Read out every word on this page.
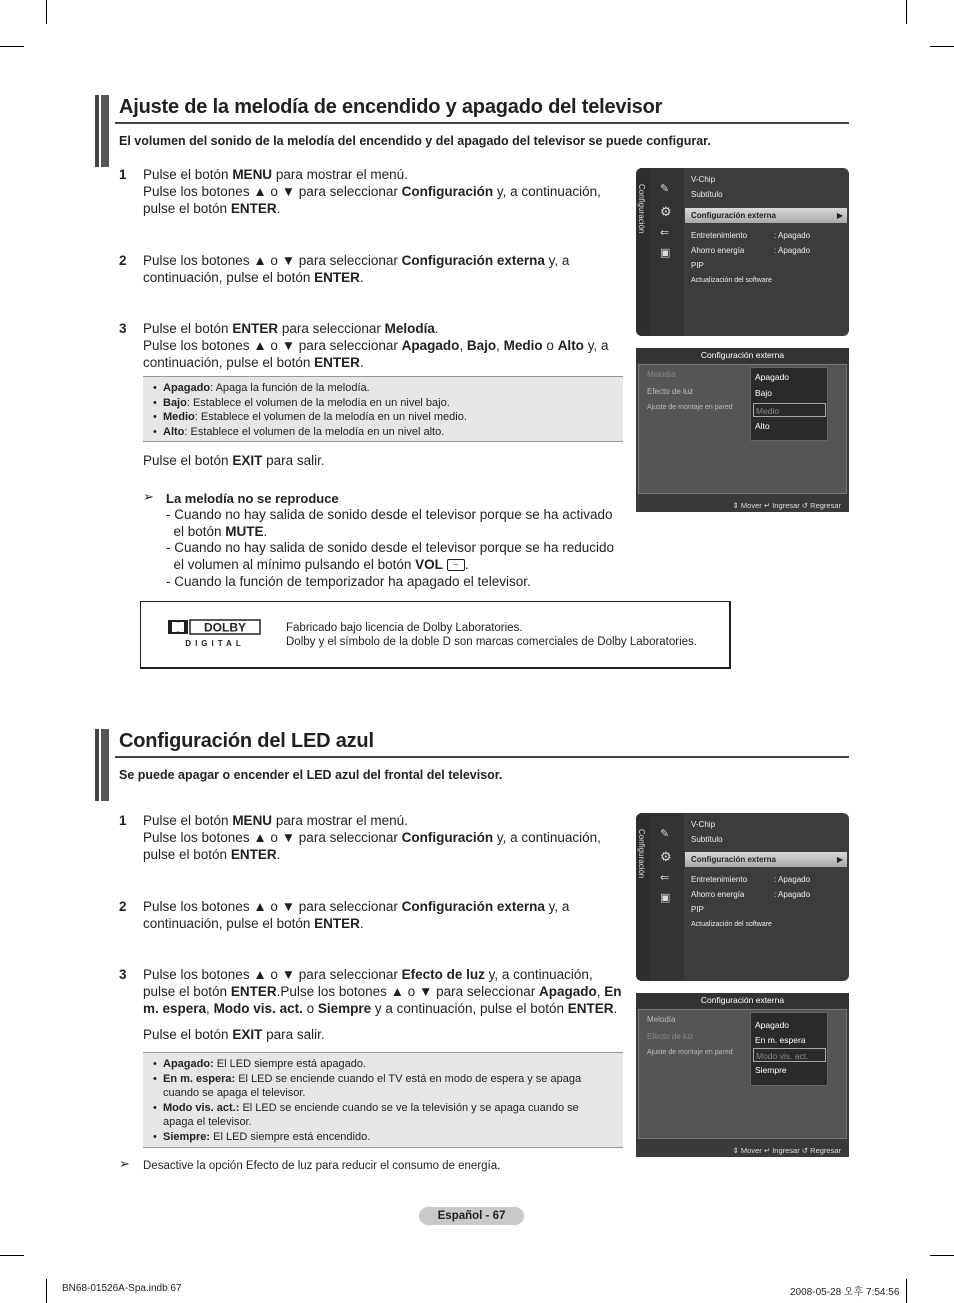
Ajuste de la melodía de encendido y apagado del televisor
El volumen del sonido de la melodía del encendido y del apagado del televisor se puede configurar.
1 Pulse el botón MENU para mostrar el menú.
Pulse los botones ▲ o ▼ para seleccionar Configuración y, a continuación,
pulse el botón ENTER.
2 Pulse los botones ▲ o ▼ para seleccionar Configuración externa y, a
continuación, pulse el botón ENTER.
3 Pulse el botón ENTER para seleccionar Melodía.
Pulse los botones ▲ o ▼ para seleccionar Apagado, Bajo, Medio o Alto y, a
continuación, pulse el botón ENTER.
• Apagado: Apaga la función de la melodía.
• Bajo: Establece el volumen de la melodía en un nivel bajo.
• Medio: Establece el volumen de la melodía en un nivel medio.
• Alto: Establece el volumen de la melodía en un nivel alto.
Pulse el botón EXIT para salir.
➢ La melodía no se reproduce
- Cuando no hay salida de sonido desde el televisor porque se ha activado
el botón MUTE.
- Cuando no hay salida de sonido desde el televisor porque se ha reducido
el volumen al mínimo pulsando el botón VOL − .
- Cuando la función de temporizador ha apagado el televisor.
Configuración ✎
⚙
⇐
▣
V-Chip
Subtítulo
Configuración externa	▶
Entretenimiento	: Apagado
Ahorro energía	: Apagado
PIP
Actualización del software
Configuración externa
Melodía
Efecto de luz
Ajuste de montaje en pared
Apagado
Bajo
Medio
Alto
⇕ Mover ↵ Ingresar ↺ Regresar
DOLBY
DIGITAL
Fabricado bajo licencia de Dolby Laboratories.
Dolby y el símbolo de la doble D son marcas comerciales de Dolby Laboratories.
Configuración del LED azul
Se puede apagar o encender el LED azul del frontal del televisor.
1 Pulse el botón MENU para mostrar el menú.
Pulse los botones ▲ o ▼ para seleccionar Configuración y, a continuación,
pulse el botón ENTER.
2 Pulse los botones ▲ o ▼ para seleccionar Configuración externa y, a
continuación, pulse el botón ENTER.
3 Pulse los botones ▲ o ▼ para seleccionar Efecto de luz y, a continuación,
pulse el botón ENTER.Pulse los botones ▲ o ▼ para seleccionar Apagado, En
m. espera, Modo vis. act. o Siempre y a continuación, pulse el botón ENTER.
Pulse el botón EXIT para salir.
• Apagado: El LED siempre está apagado.
• En m. espera: El LED se enciende cuando el TV está en modo de espera y se apaga
cuando se apaga el televisor.
• Modo vis. act.: El LED se enciende cuando se ve la televisión y se apaga cuando se
apaga el televisor.
• Siempre: El LED siempre está encendido.
➢ Desactive la opción Efecto de luz para reducir el consumo de energía.
Configuración ✎
⚙
⇐
▣
V-Chip
Subtítulo
Configuración externa	▶
Entretenimiento	: Apagado
Ahorro energía	: Apagado
PIP
Actualización del software
Configuración externa
Melodía
Efecto de luz
Ajuste de montaje en pared
Apagado
En m. espera
Modo vis. act.
Siempre
⇕ Mover ↵ Ingresar ↺ Regresar
Español - 67
BN68-01526A-Spa.indb 67	2008-05-28 오후 7:54:56
